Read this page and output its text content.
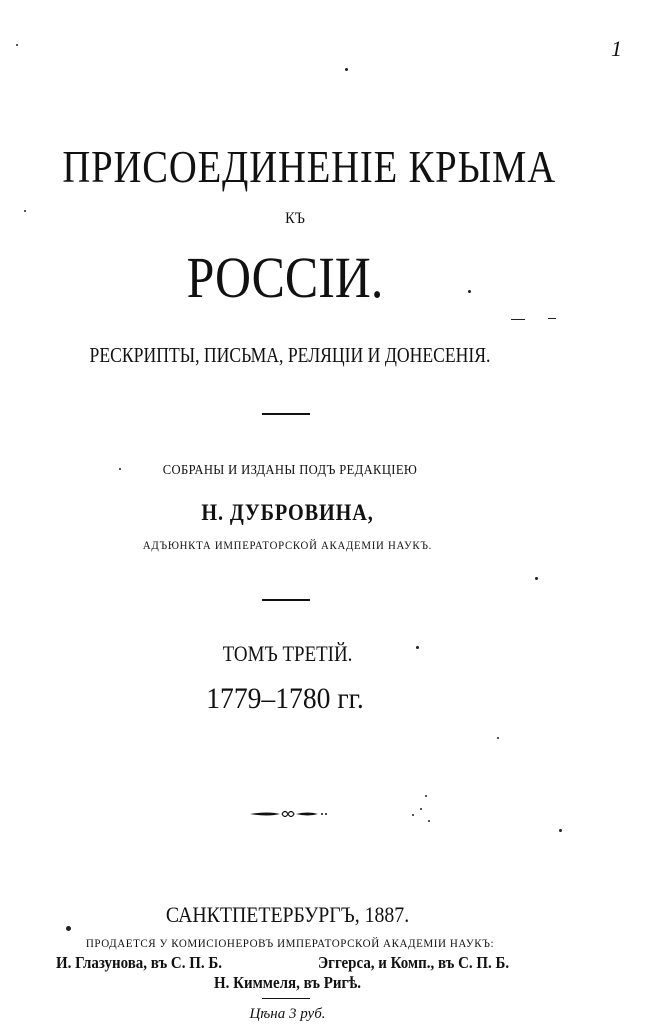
1
ПРИСОЕДИНЕНІЕ КРЫМА
КЪ
РОССІИ.
РЕСКРИПТЫ, ПИСЬМА, РЕЛЯЦІИ И ДОНЕСЕНІЯ.
СОБРАНЫ И ИЗДАНЫ ПОДЪ РЕДАКЦІЕЮ
Н. ДУБРОВИНА,
АДЪЮНКТА ИМПЕРАТОРСКОЙ АКАДЕМІИ НАУКЪ.
ТОМЪ ТРЕТІЙ.
1779–1780 гг.
САНКТПЕТЕРБУРГЪ, 1887.
ПРОДАЕТСЯ У КОМИСІОНЕРОВЪ ИМПЕРАТОРСКОЙ АКАДЕМІИ НАУКЪ:
И. Глазунова, въ С. П. Б.	Эггерса, и Комп., въ С. П. Б.
Н. Киммеля, въ Ригѣ.
Цѣна 3 руб.
